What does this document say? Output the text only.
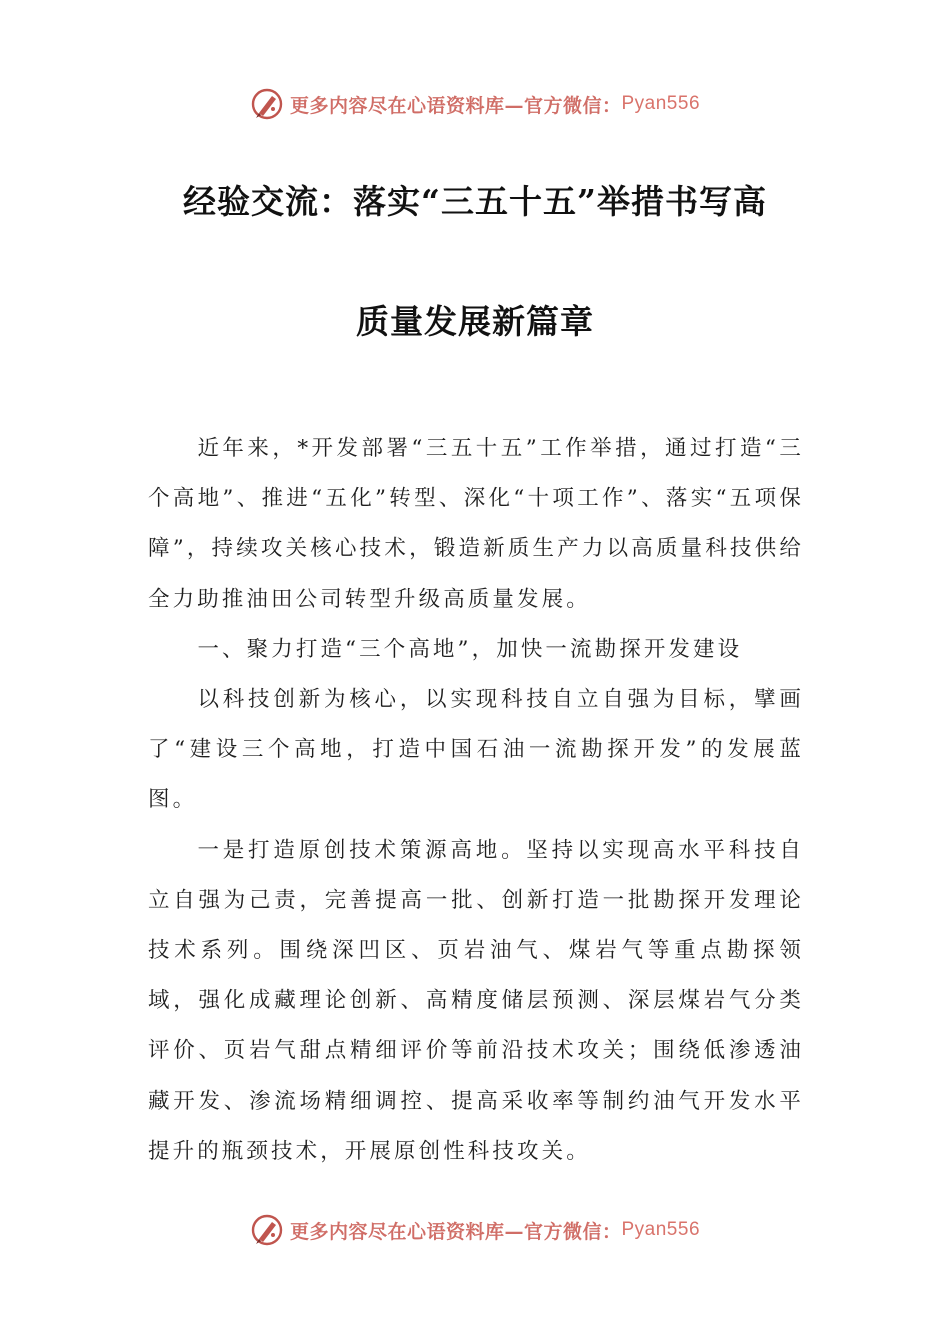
更多内容尽在心语资料库—官方微信： Pyan556
经验交流：落实“三五十五”举措书写高
质量发展新篇章

近年来，*开发部署“三五十五”工作举措，通过打造“三个高地”、推进“五化”转型、深化“十项工作”、落实“五项保障”，持续攻关核心技术，锻造新质生产力以高质量科技供给全力助推油田公司转型升级高质量发展。

一、聚力打造“三个高地”，加快一流勘探开发建设

以科技创新为核心，以实现科技自立自强为目标，擘画了“建设三个高地，打造中国石油一流勘探开发”的发展蓝图。

一是打造原创技术策源高地。坚持以实现高水平科技自立自强为己责，完善提高一批、创新打造一批勘探开发理论技术系列。围绕深凹区、页岩油气、煤岩气等重点勘探领域，强化成藏理论创新、高精度储层预测、深层煤岩气分类评价、页岩气甜点精细评价等前沿技术攻关；围绕低渗透油藏开发、渗流场精细调控、提高采收率等制约油气开发水平提升的瓶颈技术，开展原创性科技攻关。

更多内容尽在心语资料库—官方微信： Pyan556
